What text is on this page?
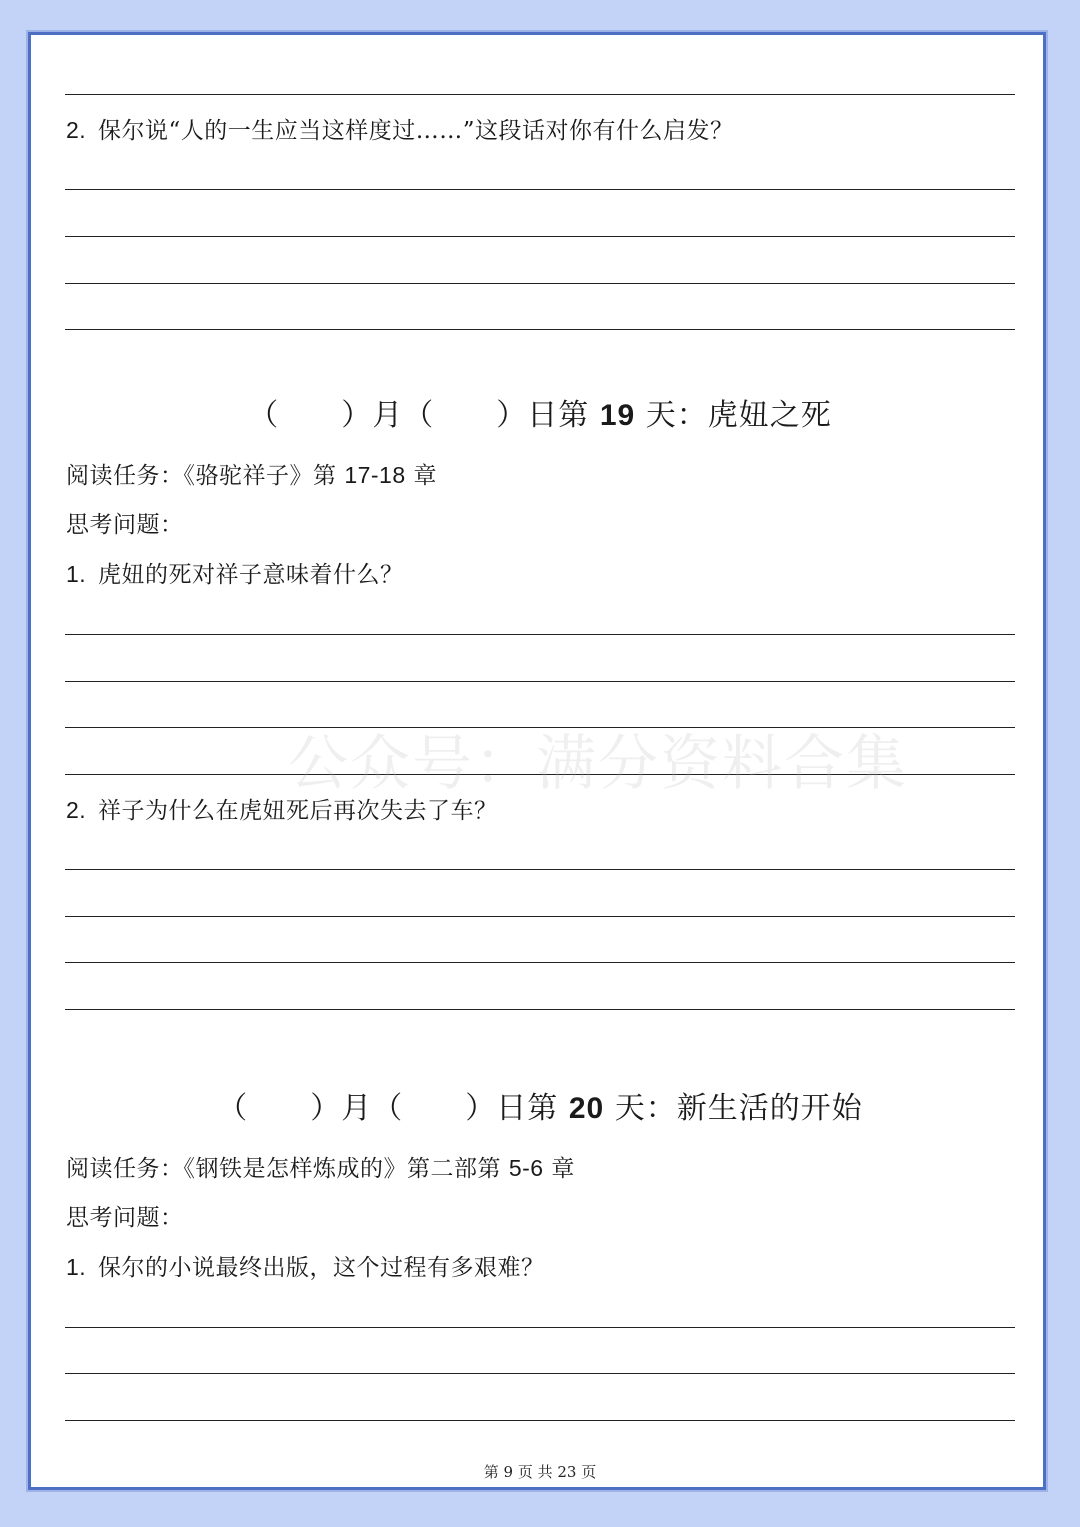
2. 保尔说“人的一生应当这样度过……”这段话对你有什么启发？
（　　）月（　　）日第 19 天：虎妞之死
阅读任务：《骆驼祥子》第 17-18 章
思考问题：
1. 虎妞的死对祥子意味着什么？
2. 祥子为什么在虎妞死后再次失去了车？
（　　）月（　　）日第 20 天：新生活的开始
阅读任务：《钢铁是怎样炼成的》第二部第 5-6 章
思考问题：
1. 保尔的小说最终出版，这个过程有多艰难？
公众号：满分资料合集
第 9 页 共 23 页
